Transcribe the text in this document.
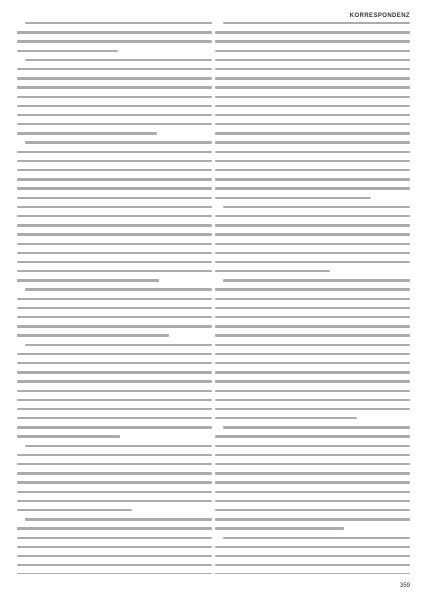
KORRESPONDENZ
359
